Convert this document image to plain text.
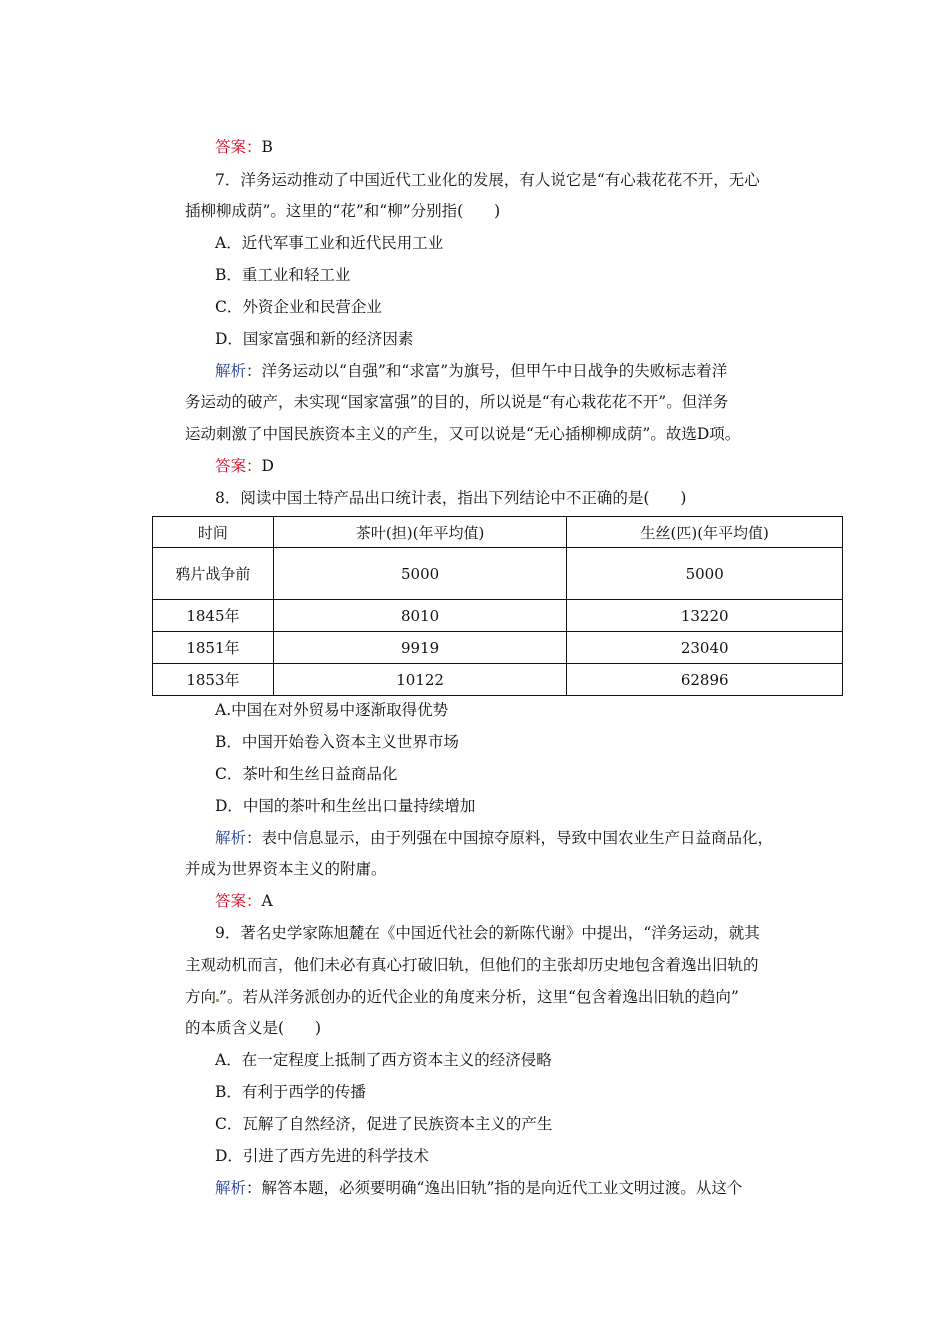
答案：B
7．洋务运动推动了中国近代工业化的发展，有人说它是“有心栽花花不开，无心
插柳柳成荫”。这里的“花”和“柳”分别指(　　)
A．近代军事工业和近代民用工业
B．重工业和轻工业
C．外资企业和民营企业
D．国家富强和新的经济因素
解析：洋务运动以“自强”和“求富”为旗号，但甲午中日战争的失败标志着洋
务运动的破产，未实现“国家富强”的目的，所以说是“有心栽花花不开”。但洋务
运动刺激了中国民族资本主义的产生，又可以说是“无心插柳柳成荫”。故选D项。
答案：D
8．阅读中国土特产品出口统计表，指出下列结论中不正确的是(　　)
时间	茶叶(担)(年平均值)	生丝(匹)(年平均值)
鸦片战争前	5000	5000
1845年	8010	13220
1851年	9919	23040
1853年	10122	62896
A.中国在对外贸易中逐渐取得优势
B．中国开始卷入资本主义世界市场
C．茶叶和生丝日益商品化
D．中国的茶叶和生丝出口量持续增加
解析：表中信息显示，由于列强在中国掠夺原料，导致中国农业生产日益商品化，
并成为世界资本主义的附庸。
答案：A
9．著名史学家陈旭麓在《中国近代社会的新陈代谢》中提出，“洋务运动，就其
主观动机而言，他们未必有真心打破旧轨，但他们的主张却历史地包含着逸出旧轨的
方向 ”。若从洋务派创办的近代企业的角度来分析，这里“包含着逸出旧轨的趋向”
的本质含义是(　　)
A．在一定程度上抵制了西方资本主义的经济侵略
B．有利于西学的传播
C．瓦解了自然经济，促进了民族资本主义的产生
D．引进了西方先进的科学技术
解析：解答本题，必须要明确“逸出旧轨”指的是向近代工业文明过渡。从这个
